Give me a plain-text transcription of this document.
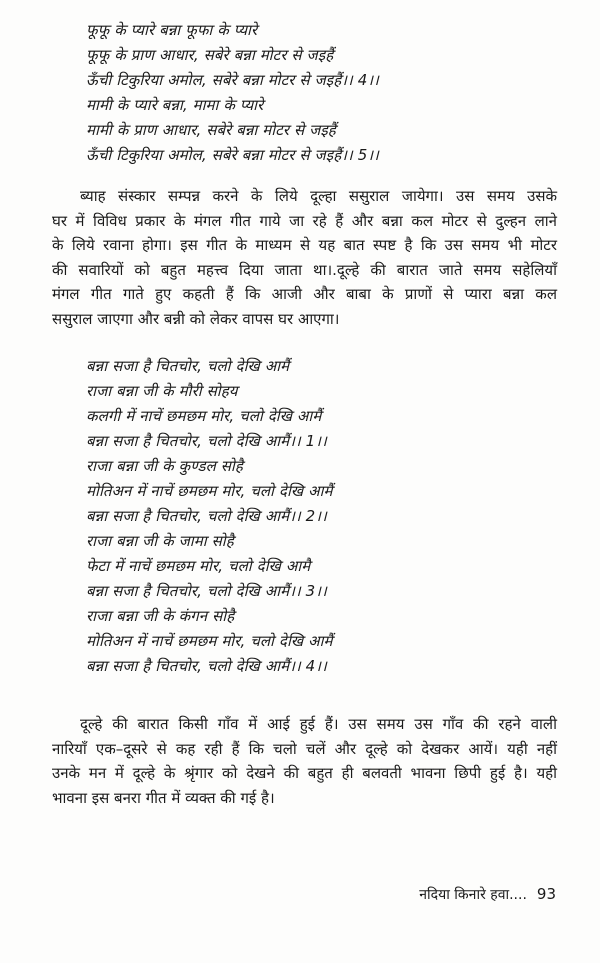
फूफू के प्यारे बन्ना फूफा के प्यारे
फूफू के प्राण आधार, सबेरे बन्ना मोटर से जइहैं
ऊँची टिकुरिया अमोल, सबेरे बन्ना मोटर से जइहैं।। 4।।
मामी के प्यारे बन्ना, मामा के प्यारे
मामी के प्राण आधार, सबेरे बन्ना मोटर से जइहैं
ऊँची टिकुरिया अमोल, सबेरे बन्ना मोटर से जइहैं।। 5।।

ब्याह संस्कार सम्पन्न करने के लिये दूल्हा ससुराल जायेगा। उस समय उसके
घर में विविध प्रकार के मंगल गीत गाये जा रहे हैं और बन्ना कल मोटर से दुल्हन लाने
के लिये रवाना होगा। इस गीत के माध्यम से यह बात स्पष्ट है कि उस समय भी मोटर
की सवारियों को बहुत महत्त्व दिया जाता था।.दूल्हे की बारात जाते समय सहेलियाँ
मंगल गीत गाते हुए कहती हैं कि आजी और बाबा के प्राणों से प्यारा बन्ना कल
ससुराल जाएगा और बन्नी को लेकर वापस घर आएगा।

बन्ना सजा है चितचोर, चलो देखि आमैं
राजा बन्ना जी के मौरी सोहय
कलगी में नाचें छमछम मोर, चलो देखि आमैं
बन्ना सजा है चितचोर, चलो देखि आमैं।। 1।।
राजा बन्ना जी के कुण्डल सोहै
मोतिअन में नाचें छमछम मोर, चलो देखि आमैं
बन्ना सजा है चितचोर, चलो देखि आमैं।। 2।।
राजा बन्ना जी के जामा सोहै
फेटा में नाचें छमछम मोर, चलो देखि आमै
बन्ना सजा है चितचोर, चलो देखि आमैं।। 3।।
राजा बन्ना जी के कंगन सोहै
मोतिअन में नाचें छमछम मोर, चलो देखि आमैं
बन्ना सजा है चितचोर, चलो देखि आमैं।। 4।।

दूल्हे की बारात किसी गाँव में आई हुई हैं। उस समय उस गाँव की रहने वाली
नारियाँ एक–दूसरे से कह रही हैं कि चलो चलें और दूल्हे को देखकर आयें। यही नहीं
उनके मन में दूल्हे के श्रृंगार को देखने की बहुत ही बलवती भावना छिपी हुई है। यही
भावना इस बनरा गीत में व्यक्त की गई है।

नदिया किनारे हवा.... 93
